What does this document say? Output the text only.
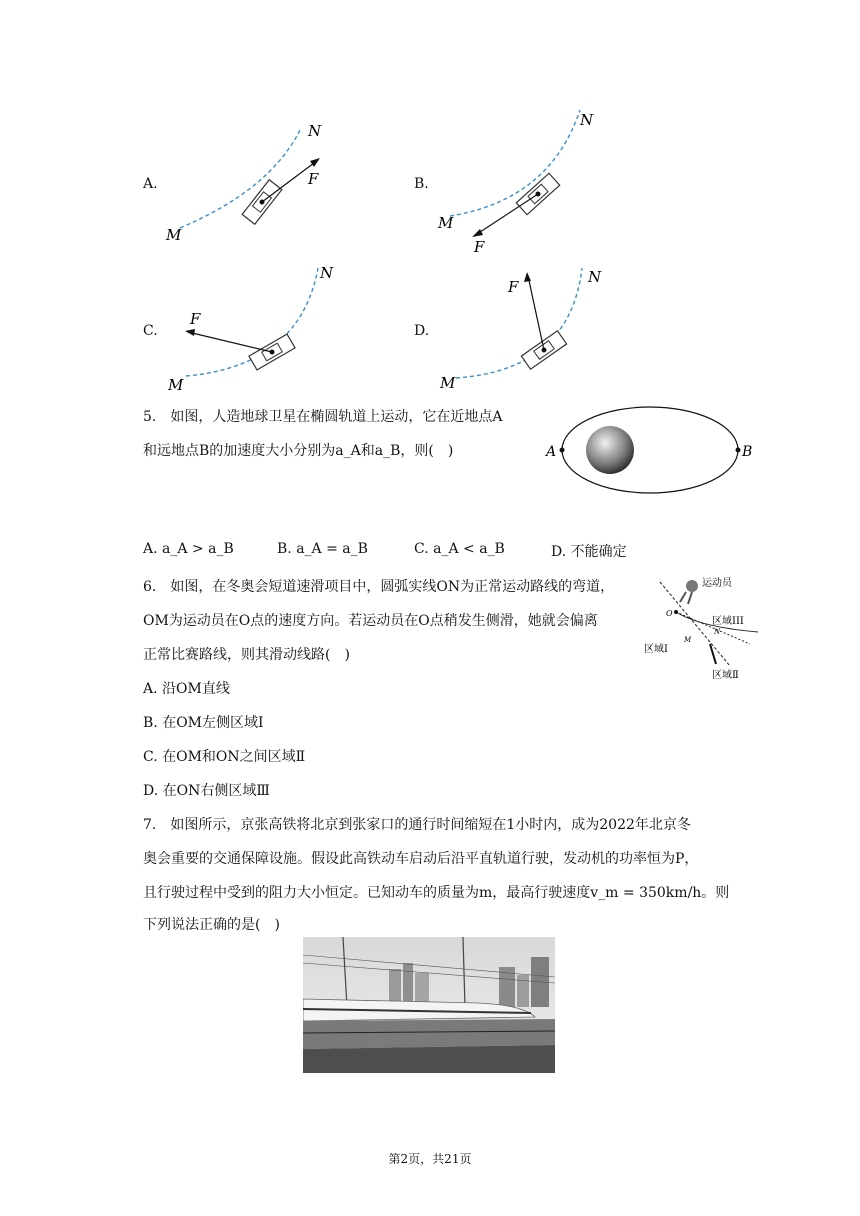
A.
N
F
M
B.
N
F
M
C.
N
F
M
D.
N
F
M
5.　如图，人造地球卫星在椭圆轨道上运动，它在近地点A
和远地点B的加速度大小分别为a_A和a_B，则(　)	A	B
A. a_A > a_B	B. a_A = a_B	C. a_A < a_B	D. 不能确定
6.　如图，在冬奥会短道速滑项目中，圆弧实线ON为正常运动路线的弯道，
OM为运动员在O点的速度方向。若运动员在O点稍发生侧滑，她就会偏离
正常比赛路线，则其滑动线路(　)
A. 沿OM直线
B. 在OM左侧区域Ⅰ
C. 在OM和ON之间区域Ⅱ
D. 在ON右侧区域Ⅲ
运动员
区域III
区域Ⅰ
区域Ⅱ
O
M
N
7.　如图所示，京张高铁将北京到张家口的通行时间缩短在1小时内，成为2022年北京冬
奥会重要的交通保障设施。假设此高铁动车启动后沿平直轨道行驶，发动机的功率恒为P，
且行驶过程中受到的阻力大小恒定。已知动车的质量为m，最高行驶速度v_m = 350km/h。则
下列说法正确的是(　)
第2页，共21页
